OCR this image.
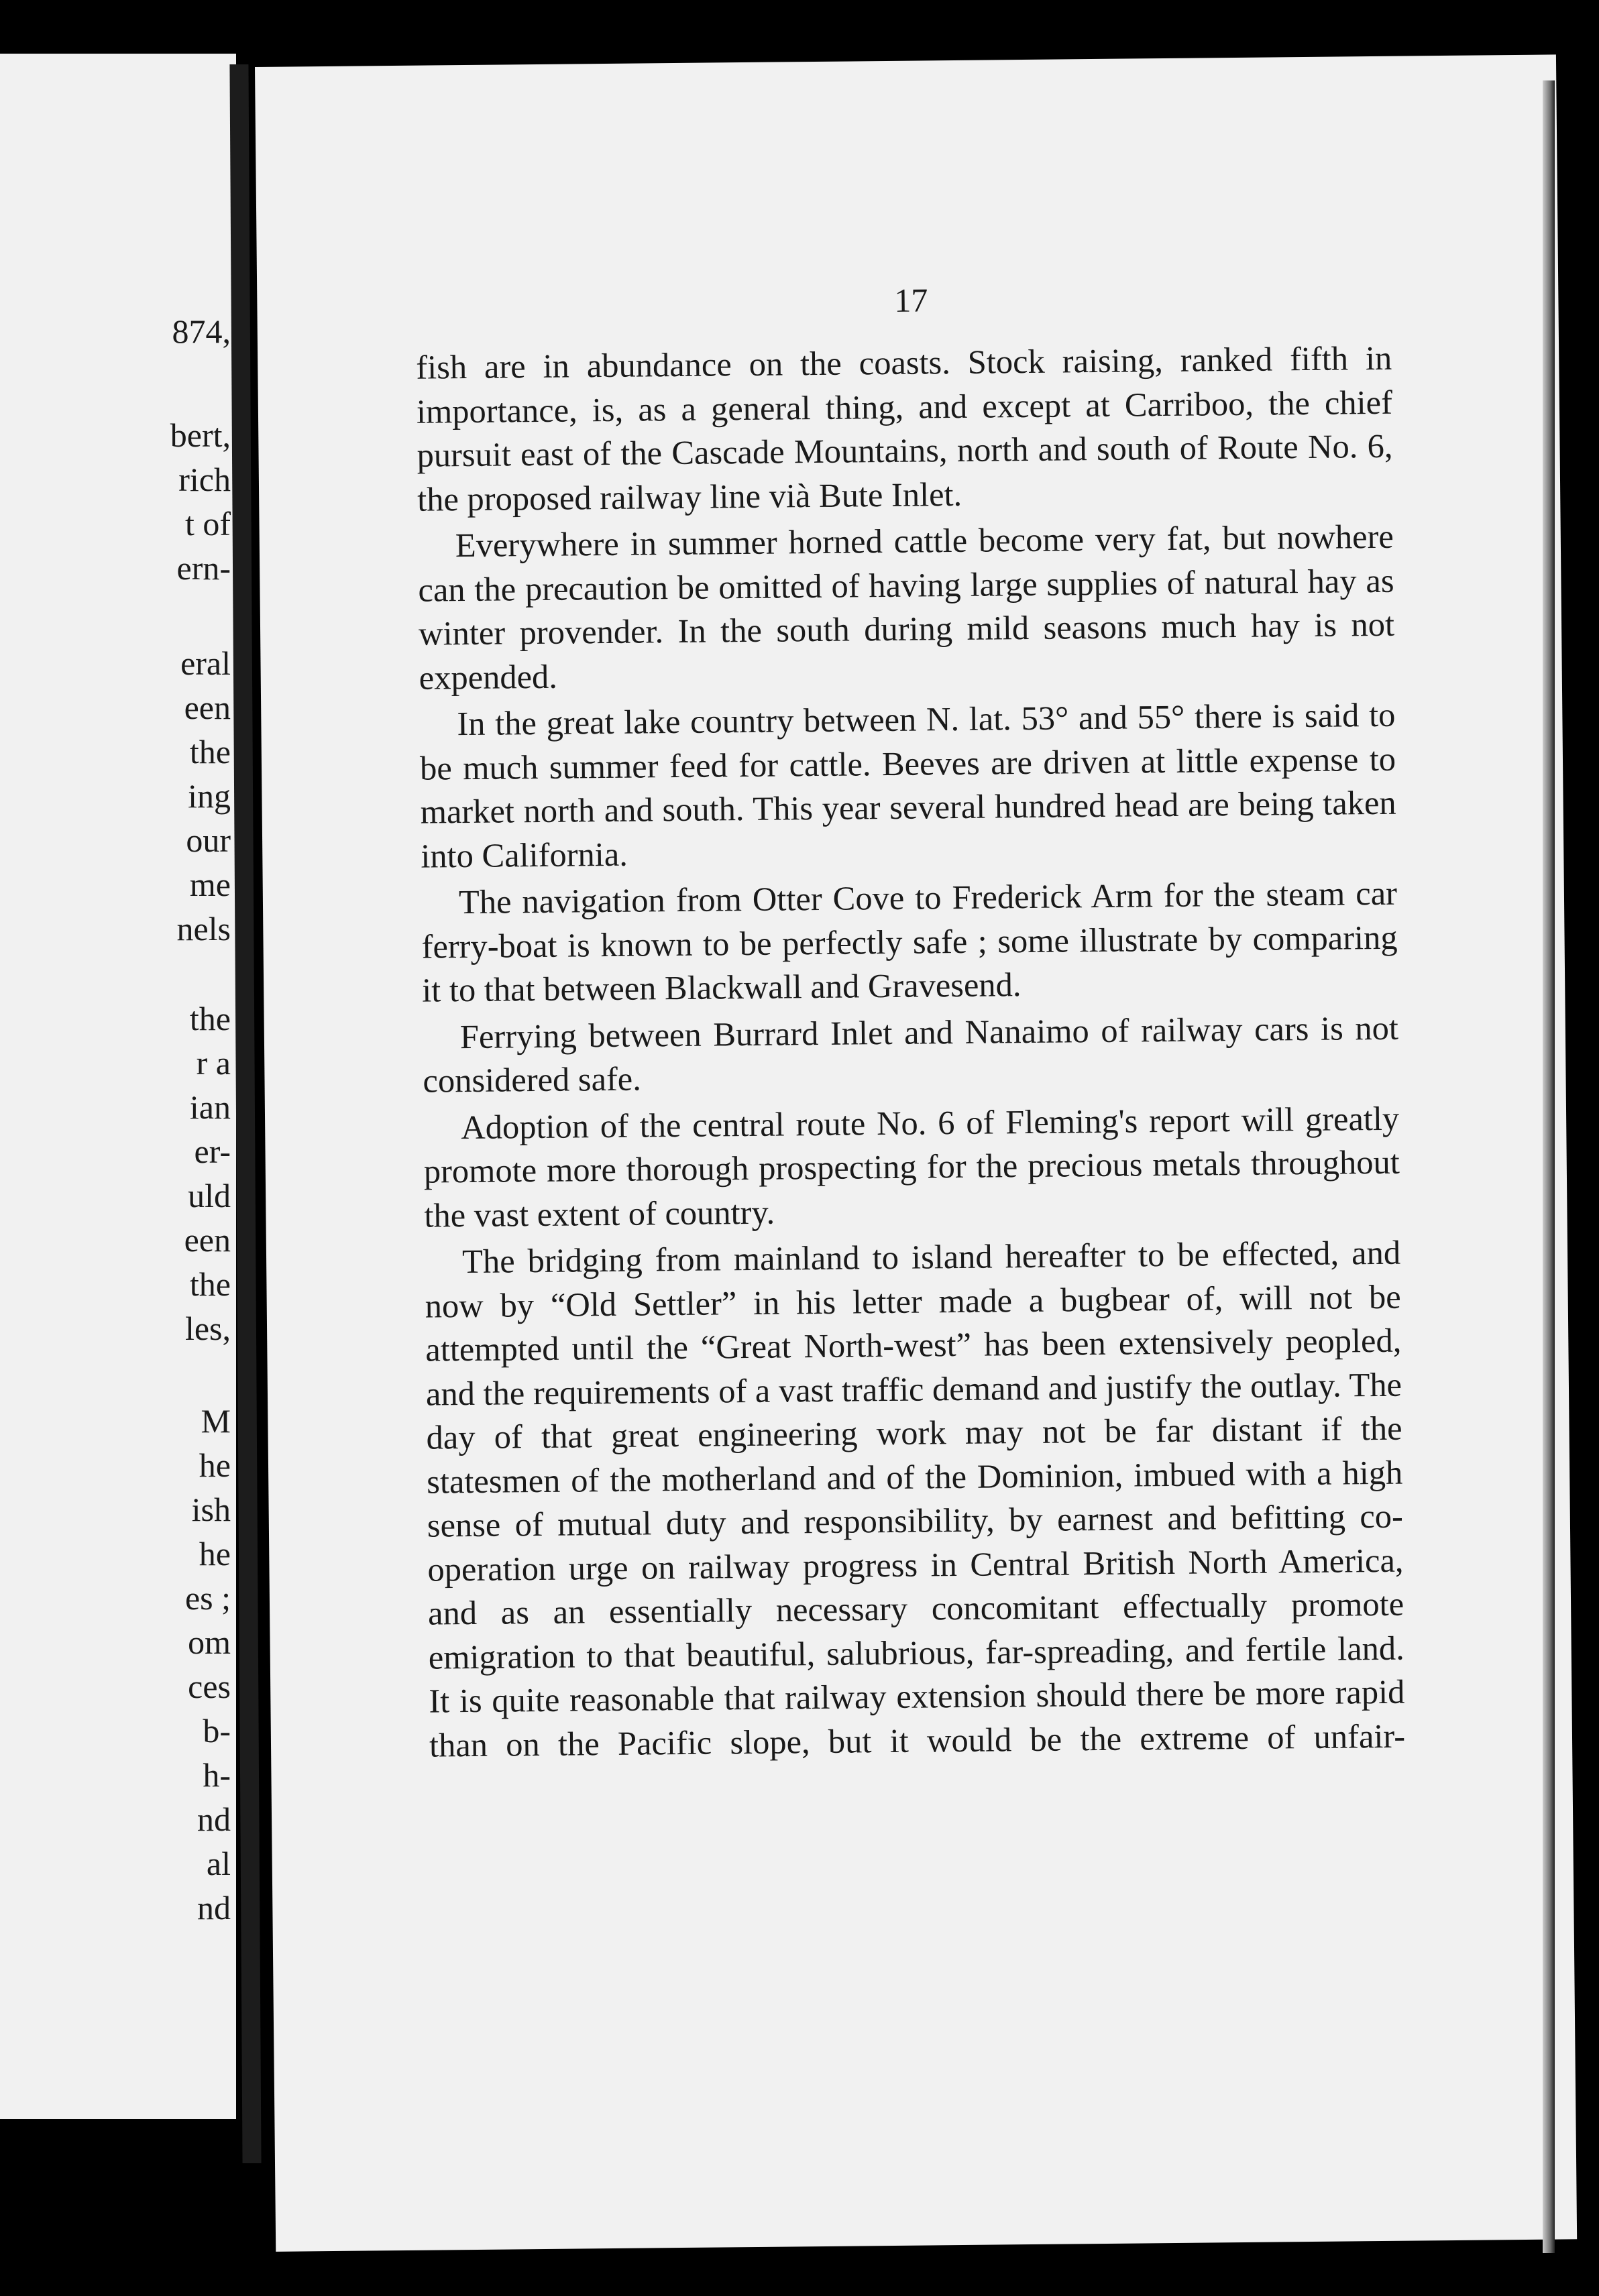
874,
bert,
rich
t of
ern-
eral
een
the
ing
our
me
nels
the
r a
ian
er-
uld
een
the
les,
M
he
ish
he
es ;
om
ces
b-
h-
nd
al
nd
17

fish are in abundance on the coasts. Stock raising, ranked fifth in importance, is, as a general thing, and except at Carriboo, the chief pursuit east of the Cascade Mountains, north and south of Route No. 6, the proposed railway line vià Bute Inlet.

Everywhere in summer horned cattle become very fat, but nowhere can the precaution be omitted of having large supplies of natural hay as winter provender. In the south during mild seasons much hay is not expended.

In the great lake country between N. lat. 53° and 55° there is said to be much summer feed for cattle. Beeves are driven at little expense to market north and south. This year several hundred head are being taken into California.

The navigation from Otter Cove to Frederick Arm for the steam car ferry-boat is known to be perfectly safe ; some illustrate by comparing it to that between Blackwall and Gravesend.

Ferrying between Burrard Inlet and Nanaimo of railway cars is not considered safe.

Adoption of the central route No. 6 of Fleming's report will greatly promote more thorough prospecting for the precious metals throughout the vast extent of country.

The bridging from mainland to island hereafter to be effected, and now by “Old Settler” in his letter made a bugbear of, will not be attempted until the “Great North-west” has been extensively peopled, and the requirements of a vast traffic demand and justify the outlay. The day of that great engineering work may not be far distant if the statesmen of the motherland and of the Dominion, imbued with a high sense of mutual duty and responsibility, by earnest and befitting co-operation urge on railway progress in Central British North America, and as an essentially necessary concomitant effectually promote emigration to that beautiful, salubrious, far-spreading, and fertile land. It is quite reasonable that railway extension should there be more rapid than on the Pacific slope, but it would be the extreme of unfair-
